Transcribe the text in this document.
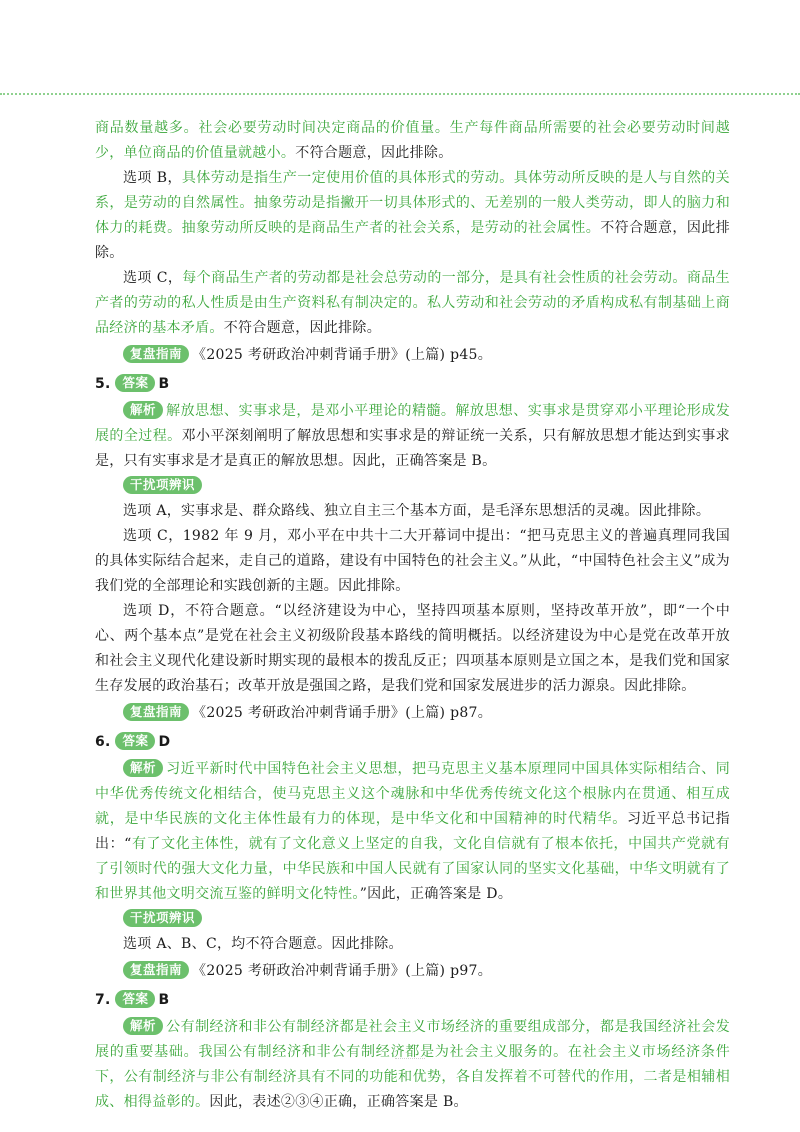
商品数量越多。社会必要劳动时间决定商品的价值量。生产每件商品所需要的社会必要劳动时间越少，单位商品的价值量就越小。不符合题意，因此排除。

选项 B，具体劳动是指生产一定使用价值的具体形式的劳动。具体劳动所反映的是人与自然的关系，是劳动的自然属性。抽象劳动是指撇开一切具体形式的、无差别的一般人类劳动，即人的脑力和体力的耗费。抽象劳动所反映的是商品生产者的社会关系，是劳动的社会属性。不符合题意，因此排除。

选项 C，每个商品生产者的劳动都是社会总劳动的一部分，是具有社会性质的社会劳动。商品生产者的劳动的私人性质是由生产资料私有制决定的。私人劳动和社会劳动的矛盾构成私有制基础上商品经济的基本矛盾。不符合题意，因此排除。

复盘指南 《2025 考研政治冲刺背诵手册》(上篇) p45。

5. 答案 B

解析 解放思想、实事求是，是邓小平理论的精髓。解放思想、实事求是贯穿邓小平理论形成发展的全过程。邓小平深刻阐明了解放思想和实事求是的辩证统一关系，只有解放思想才能达到实事求是，只有实事求是才是真正的解放思想。因此，正确答案是 B。

干扰项辨识

选项 A，实事求是、群众路线、独立自主三个基本方面，是毛泽东思想活的灵魂。因此排除。

选项 C，1982 年 9 月，邓小平在中共十二大开幕词中提出：“把马克思主义的普遍真理同我国的具体实际结合起来，走自己的道路，建设有中国特色的社会主义。”从此，“中国特色社会主义”成为我们党的全部理论和实践创新的主题。因此排除。

选项 D，不符合题意。“以经济建设为中心，坚持四项基本原则，坚持改革开放”，即“一个中心、两个基本点”是党在社会主义初级阶段基本路线的简明概括。以经济建设为中心是党在改革开放和社会主义现代化建设新时期实现的最根本的拨乱反正；四项基本原则是立国之本，是我们党和国家生存发展的政治基石；改革开放是强国之路，是我们党和国家发展进步的活力源泉。因此排除。

复盘指南 《2025 考研政治冲刺背诵手册》(上篇) p87。

6. 答案 D

解析 习近平新时代中国特色社会主义思想，把马克思主义基本原理同中国具体实际相结合、同中华优秀传统文化相结合，使马克思主义这个魂脉和中华优秀传统文化这个根脉内在贯通、相互成就，是中华民族的文化主体性最有力的体现，是中华文化和中国精神的时代精华。习近平总书记指出：“有了文化主体性，就有了文化意义上坚定的自我，文化自信就有了根本依托，中国共产党就有了引领时代的强大文化力量，中华民族和中国人民就有了国家认同的坚实文化基础，中华文明就有了和世界其他文明交流互鉴的鲜明文化特性。”因此，正确答案是 D。

干扰项辨识

选项 A、B、C，均不符合题意。因此排除。

复盘指南 《2025 考研政治冲刺背诵手册》(上篇) p97。

7. 答案 B

解析 公有制经济和非公有制经济都是社会主义市场经济的重要组成部分，都是我国经济社会发展的重要基础。我国公有制经济和非公有制经济都是为社会主义服务的。在社会主义市场经济条件下，公有制经济与非公有制经济具有不同的功能和优势，各自发挥着不可替代的作用，二者是相辅相成、相得益彰的。因此，表述②③④正确，正确答案是 B。
